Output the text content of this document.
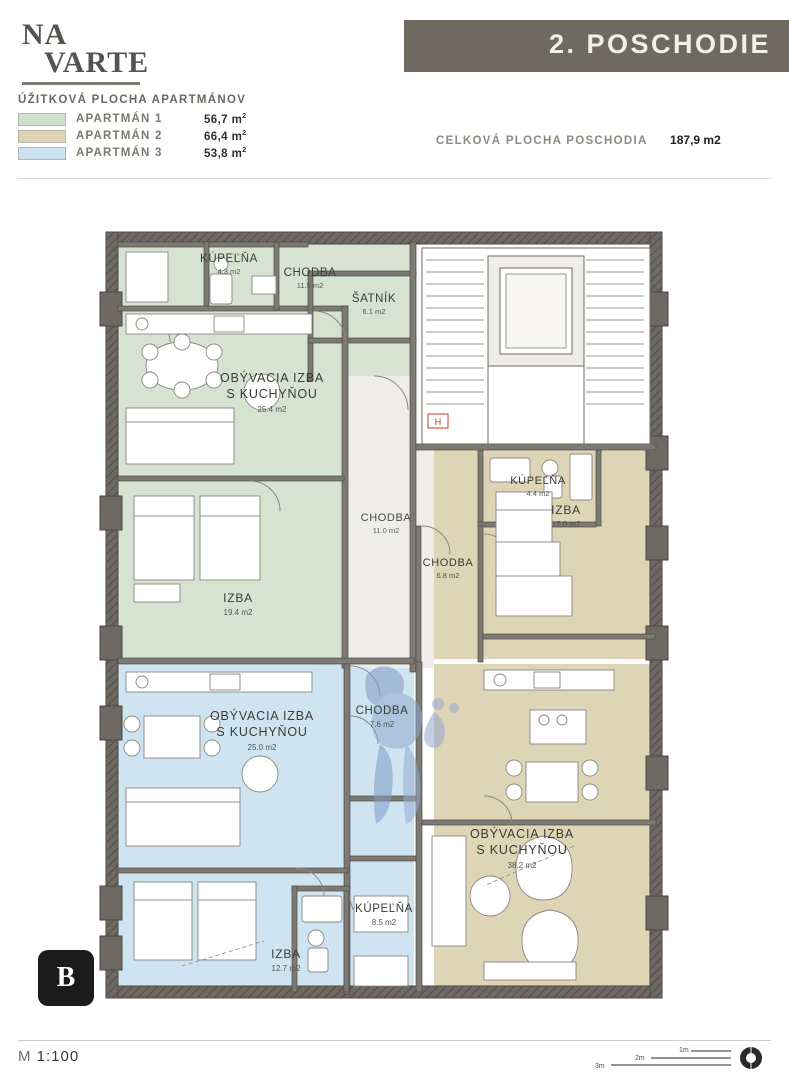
NA
VARTE
2. POSCHODIE
ÚŽITKOVÁ PLOCHA APARTMÁNOV
APARTMÁN 1	56,7 $m^2$
APARTMÁN 2	66,4 $m^2$
APARTMÁN 3	53,8 $m^2$
CELKOVÁ PLOCHA POSCHODIA 187,9 m2
H
KÚPEĽŇA
4.3 m2	CHODBA
11.5 m2
ŠATNÍK
6.1 m2
OBÝVACIA IZBA
S KUCHYŇOU
25.4 m2
IZBA
19.4 m2
CHODBA
11.0 m2
KÚPEĽŇA
4.4 m2
IZBA
17.0 m2
CHODBA
6.8 m2
OBÝVACIA IZBA
S KUCHYŇOU
38.2 m2
OBÝVACIA IZBA
S KUCHYŇOU
25.0 m2
CHODBA
7.6 m2
KÚPEĽŇA
8.5 m2
IZBA
12.7 m2
B
M 1:100
3m
2m
1m
